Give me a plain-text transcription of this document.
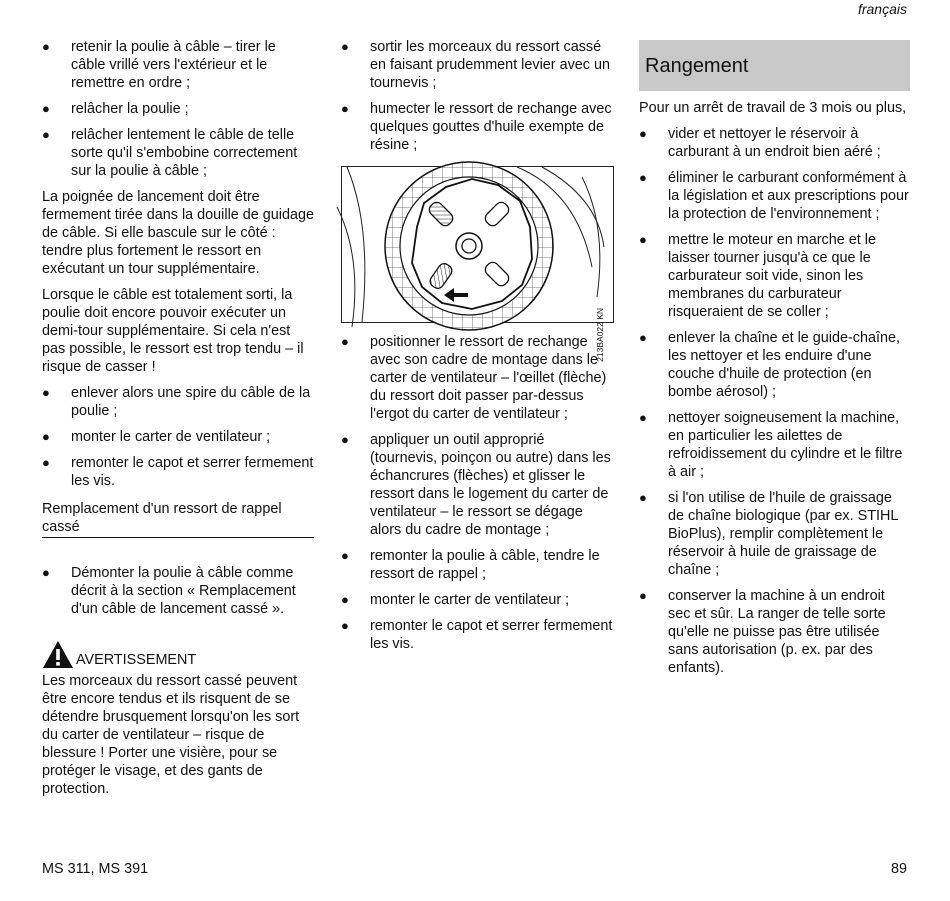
français
● retenir la poulie à câble – tirer le câble vrillé vers l'extérieur et le remettre en ordre ;
● relâcher la poulie ;
● relâcher lentement le câble de telle sorte qu'il s'embobine correctement sur la poulie à câble ;

La poignée de lancement doit être fermement tirée dans la douille de guidage de câble. Si elle bascule sur le côté : tendre plus fortement le ressort en exécutant un tour supplémentaire.

Lorsque le câble est totalement sorti, la poulie doit encore pouvoir exécuter un demi-tour supplémentaire. Si cela n'est pas possible, le ressort est trop tendu – il risque de casser !

● enlever alors une spire du câble de la poulie ;
● monter le carter de ventilateur ;
● remonter le capot et serrer fermement les vis.
Remplacement d'un ressort de rappel cassé
● Démonter la poulie à câble comme décrit à la section « Remplacement d'un câble de lancement cassé ».
AVERTISSEMENT

Les morceaux du ressort cassé peuvent être encore tendus et ils risquent de se détendre brusquement lorsqu'on les sort du carter de ventilateur – risque de blessure ! Porter une visière, pour se protéger le visage, et des gants de protection.

● sortir les morceaux du ressort cassé en faisant prudemment levier avec un tournevis ;
● humecter le ressort de rechange avec quelques gouttes d'huile exempte de résine ;
213BA022 KN
● positionner le ressort de rechange avec son cadre de montage dans le carter de ventilateur – l'œillet (flèche) du ressort doit passer par-dessus l'ergot du carter de ventilateur ;
● appliquer un outil approprié (tournevis, poinçon ou autre) dans les échancrures (flèches) et glisser le ressort dans le logement du carter de ventilateur – le ressort se dégage alors du cadre de montage ;
● remonter la poulie à câble, tendre le ressort de rappel ;
● monter le carter de ventilateur ;
● remonter le capot et serrer fermement les vis.
Rangement

Pour un arrêt de travail de 3 mois ou plus,

● vider et nettoyer le réservoir à carburant à un endroit bien aéré ;
● éliminer le carburant conformément à la législation et aux prescriptions pour la protection de l'environnement ;
● mettre le moteur en marche et le laisser tourner jusqu'à ce que le carburateur soit vide, sinon les membranes du carburateur risqueraient de se coller ;
● enlever la chaîne et le guide-chaîne, les nettoyer et les enduire d'une couche d'huile de protection (en bombe aérosol) ;
● nettoyer soigneusement la machine, en particulier les ailettes de refroidissement du cylindre et le filtre à air ;
● si l'on utilise de l'huile de graissage de chaîne biologique (par ex. STIHL BioPlus), remplir complètement le réservoir à huile de graissage de chaîne ;
● conserver la machine à un endroit sec et sûr. La ranger de telle sorte qu'elle ne puisse pas être utilisée sans autorisation (p. ex. par des enfants).
MS 311, MS 391	89
